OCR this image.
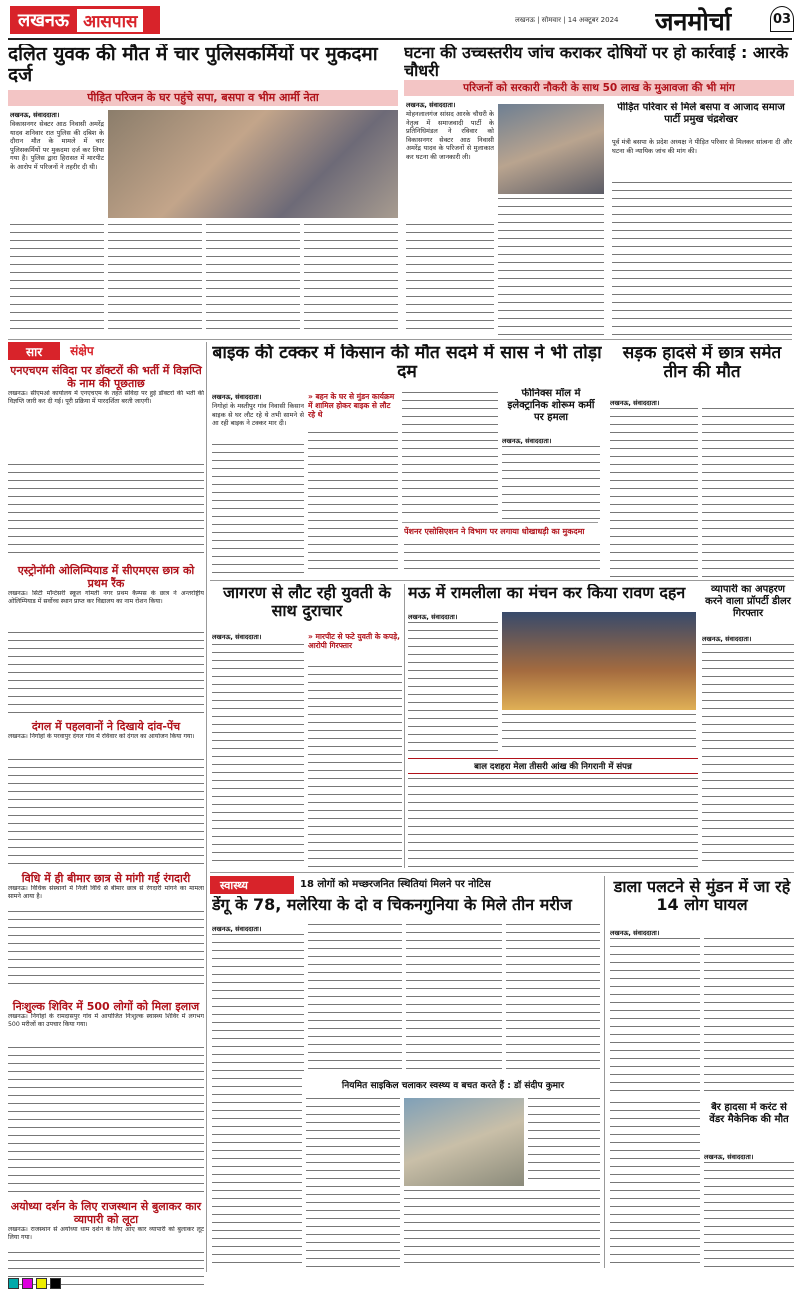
लखनऊ आसपास	लखनऊ | सोमवार | 14 अक्टूबर 2024	जनमोर्चा	03
दलित युवक की मौत में चार पुलिसकर्मियों पर मुकदमा दर्ज
पीड़ित परिजन के घर पहुंचे सपा, बसपा व भीम आर्मी नेता
लखनऊ, संवाददाता।
विकासनगर सेक्टर आठ निवासी अमरेंद्र यादव शनिवार रात पुलिस की दबिश के दौरान मौत के मामले में चार पुलिसकर्मियों पर मुकदमा दर्ज कर लिया गया है। पुलिस द्वारा हिरासत में मारपीट के आरोप में परिजनों ने तहरीर दी थी।
घटना की उच्चस्तरीय जांच कराकर दोषियों पर हो कार्रवाई : आरके चौधरी
परिजनों को सरकारी नौकरी के साथ 50 लाख के मुआवजा की भी मांग
लखनऊ, संवाददाता।
मोहनलालगंज सांसद आरके चौधरी के नेतृत्व में समाजवादी पार्टी के प्रतिनिधिमंडल ने रविवार को विकासनगर सेक्टर आठ निवासी अमरेंद्र यादव के परिजनों से मुलाकात कर घटना की जानकारी ली।
पीड़ित परिवार से मिले बसपा व आजाद समाज पार्टी प्रमुख चंद्रशेखर
पूर्व मंत्री बसपा के प्रदेश अध्यक्ष ने पीड़ित परिवार से मिलकर सांत्वना दी और घटना की न्यायिक जांच की मांग की।
सार	संक्षेप
एनएचएम संविदा पर डॉक्टरों की भर्ती में विज्ञप्ति के नाम की पूछताछ
लखनऊ। सीएमओ कार्यालय में एनएचएम के तहत संविदा पर हुई डॉक्टरों की भर्ती की विज्ञप्ति जारी कर दी गई। पूरी प्रक्रिया में पारदर्शिता बरती जाएगी।
एस्ट्रोनॉमी ओलिम्पियाड में सीएमएस छात्र को प्रथम रैंक
लखनऊ। सिटी मॉन्टेसरी स्कूल गोमती नगर प्रथम कैम्पस के छात्र ने अन्तर्राष्ट्रीय ओलिम्पियाड में सर्वोच्च स्थान प्राप्त कर विद्यालय का नाम रोशन किया।
दंगल में पहलवानों ने दिखाये दांव-पेंच
लखनऊ। निगोहां के परवापुर दंगल गांव में रविवार को दंगल का आयोजन किया गया।
विधि में ही बीमार छात्र से मांगी गई रंगदारी
लखनऊ। विधिक संस्थानों में निजी विधि से बीमार छात्र से रंगदारी मांगने का मामला सामने आया है।
निःशुल्क शिविर में 500 लोगों को मिला इलाज
लखनऊ। निगोहां के रामदासपुर गांव में आयोजित निःशुल्क स्वास्थ्य शिविर में लगभग 500 मरीजों का उपचार किया गया।
अयोध्या दर्शन के लिए राजस्थान से बुलाकर कार व्यापारी को लूटा
लखनऊ। राजस्थान से अयोध्या धाम दर्शन के लिए आए कार व्यापारी को बुलाकर लूट लिया गया।
बाइक की टक्कर में किसान की मौत सदमे में सास ने भी तोड़ा दम
लखनऊ, संवाददाता।
निगोहां के मस्तीपुर गांव निवासी किसान बाइक से घर लौट रहे थे तभी सामने से आ रही बाइक ने टक्कर मार दी।
» बहन के घर से मुंडन कार्यक्रम में शामिल होकर बाइक से लौट रहे थे
पेंशनर एसोसिएशन ने विभाग पर लगाया धोखाधड़ी का मुकदमा
फीनिक्स मॉल में इलेक्ट्रानिक शोरूम कर्मी पर हमला
लखनऊ, संवाददाता।
सड़क हादसे में छात्र समेत तीन की मौत
लखनऊ, संवाददाता।
जागरण से लौट रही युवती के साथ दुराचार
लखनऊ, संवाददाता।	» मारपीट से फटे युवती के कपड़े, आरोपी गिरफ्तार
मऊ में रामलीला का मंचन कर किया रावण दहन
लखनऊ, संवाददाता।
बाल दशहरा मेला तीसरी आंख की निगरानी में संपन्न
व्यापारी का अपहरण करने वाला प्रॉपर्टी डीलर गिरफ्तार
लखनऊ, संवाददाता।
स्वास्थ्य	18 लोगों को मच्छरजनित स्थितियां मिलने पर नोटिस
डेंगू के 78, मलेरिया के दो व चिकनगुनिया के मिले तीन मरीज
लखनऊ, संवाददाता।
नियमित साइकिल चलाकर स्वस्थ्य व बचत करते हैं : डॉ संदीप कुमार
डाला पलटने से मुंडन में जा रहे 14 लोग घायल
लखनऊ, संवाददाता।
बैर हादसा में करंट से वेंडर मैकेनिक की मौत
लखनऊ, संवाददाता।
